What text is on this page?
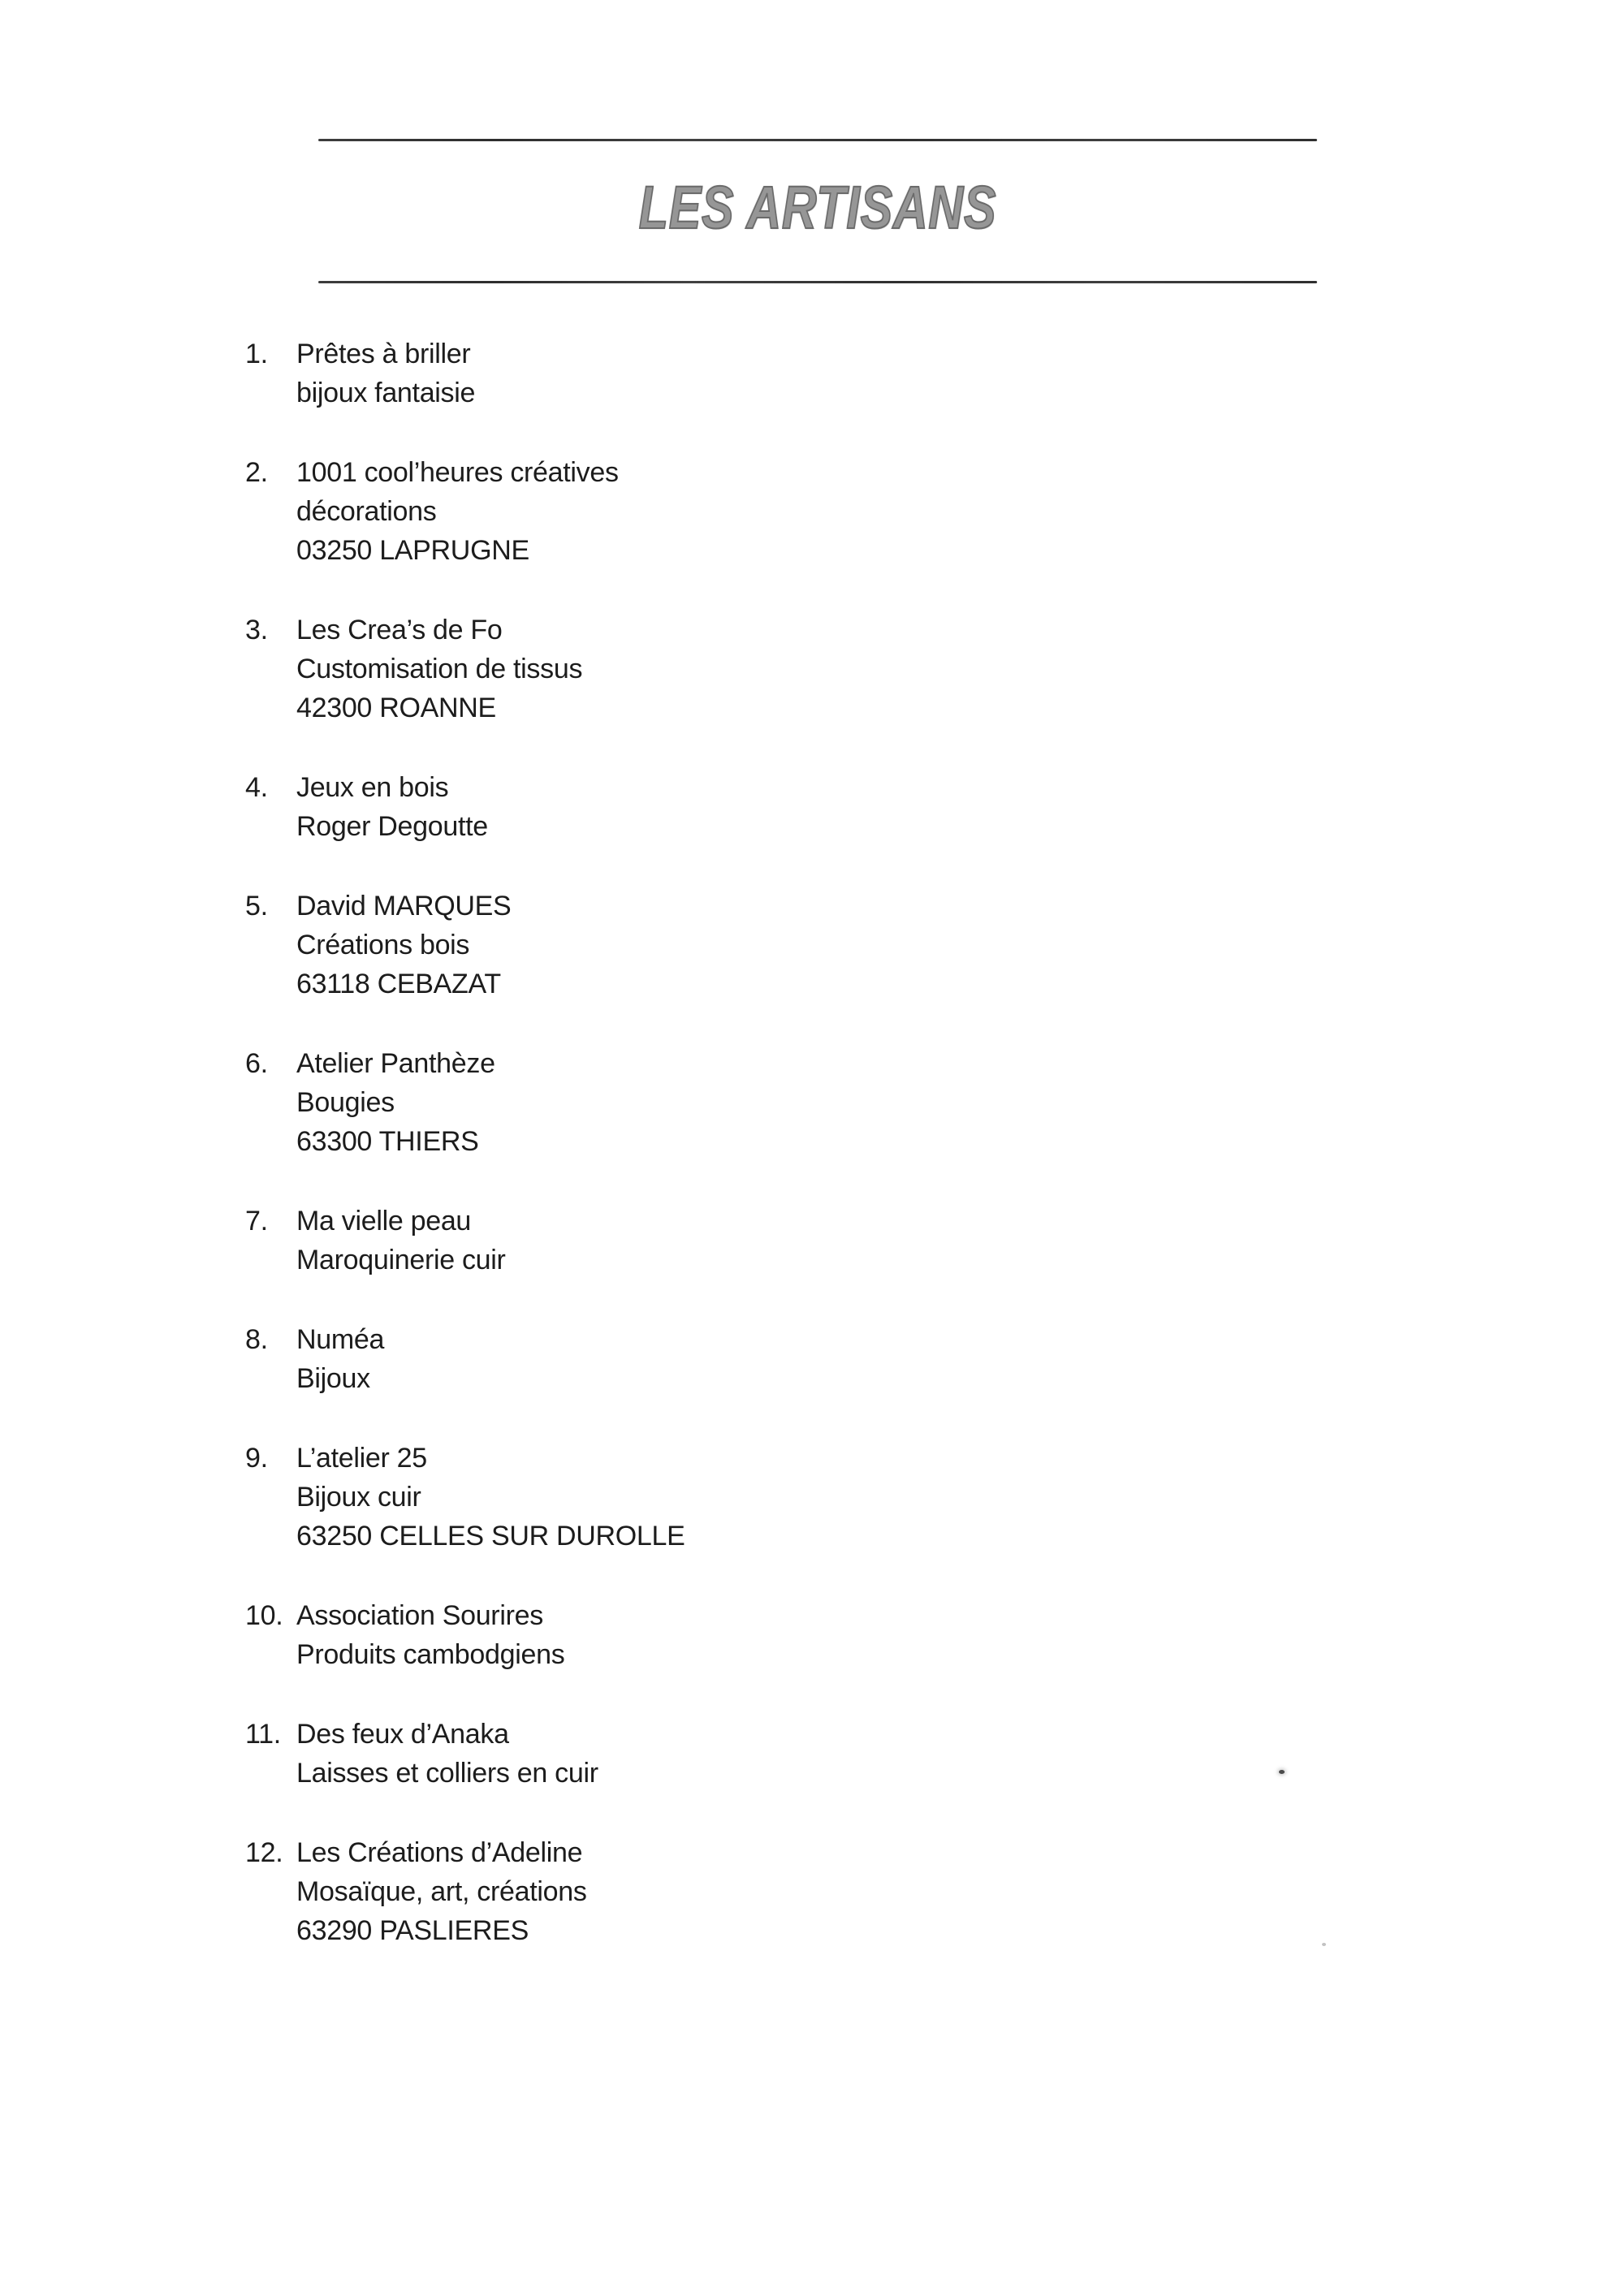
LES ARTISANS
1.	Prêtes à briller
bijoux fantaisie
2.	1001 cool’heures créatives
décorations
03250 LAPRUGNE
3.	Les Crea’s de Fo
Customisation de tissus
42300 ROANNE
4.	Jeux en bois
Roger Degoutte
5.	David MARQUES
Créations bois
63118 CEBAZAT
6.	Atelier Panthèze
Bougies
63300 THIERS
7.	Ma vielle peau
Maroquinerie cuir
8.	Numéa
Bijoux
9.	L’atelier 25
Bijoux cuir
63250 CELLES SUR DUROLLE
10. Association Sourires
Produits cambodgiens
11. Des feux d’Anaka
Laisses et colliers en cuir
12. Les Créations d’Adeline
Mosaïque, art, créations
63290 PASLIERES
